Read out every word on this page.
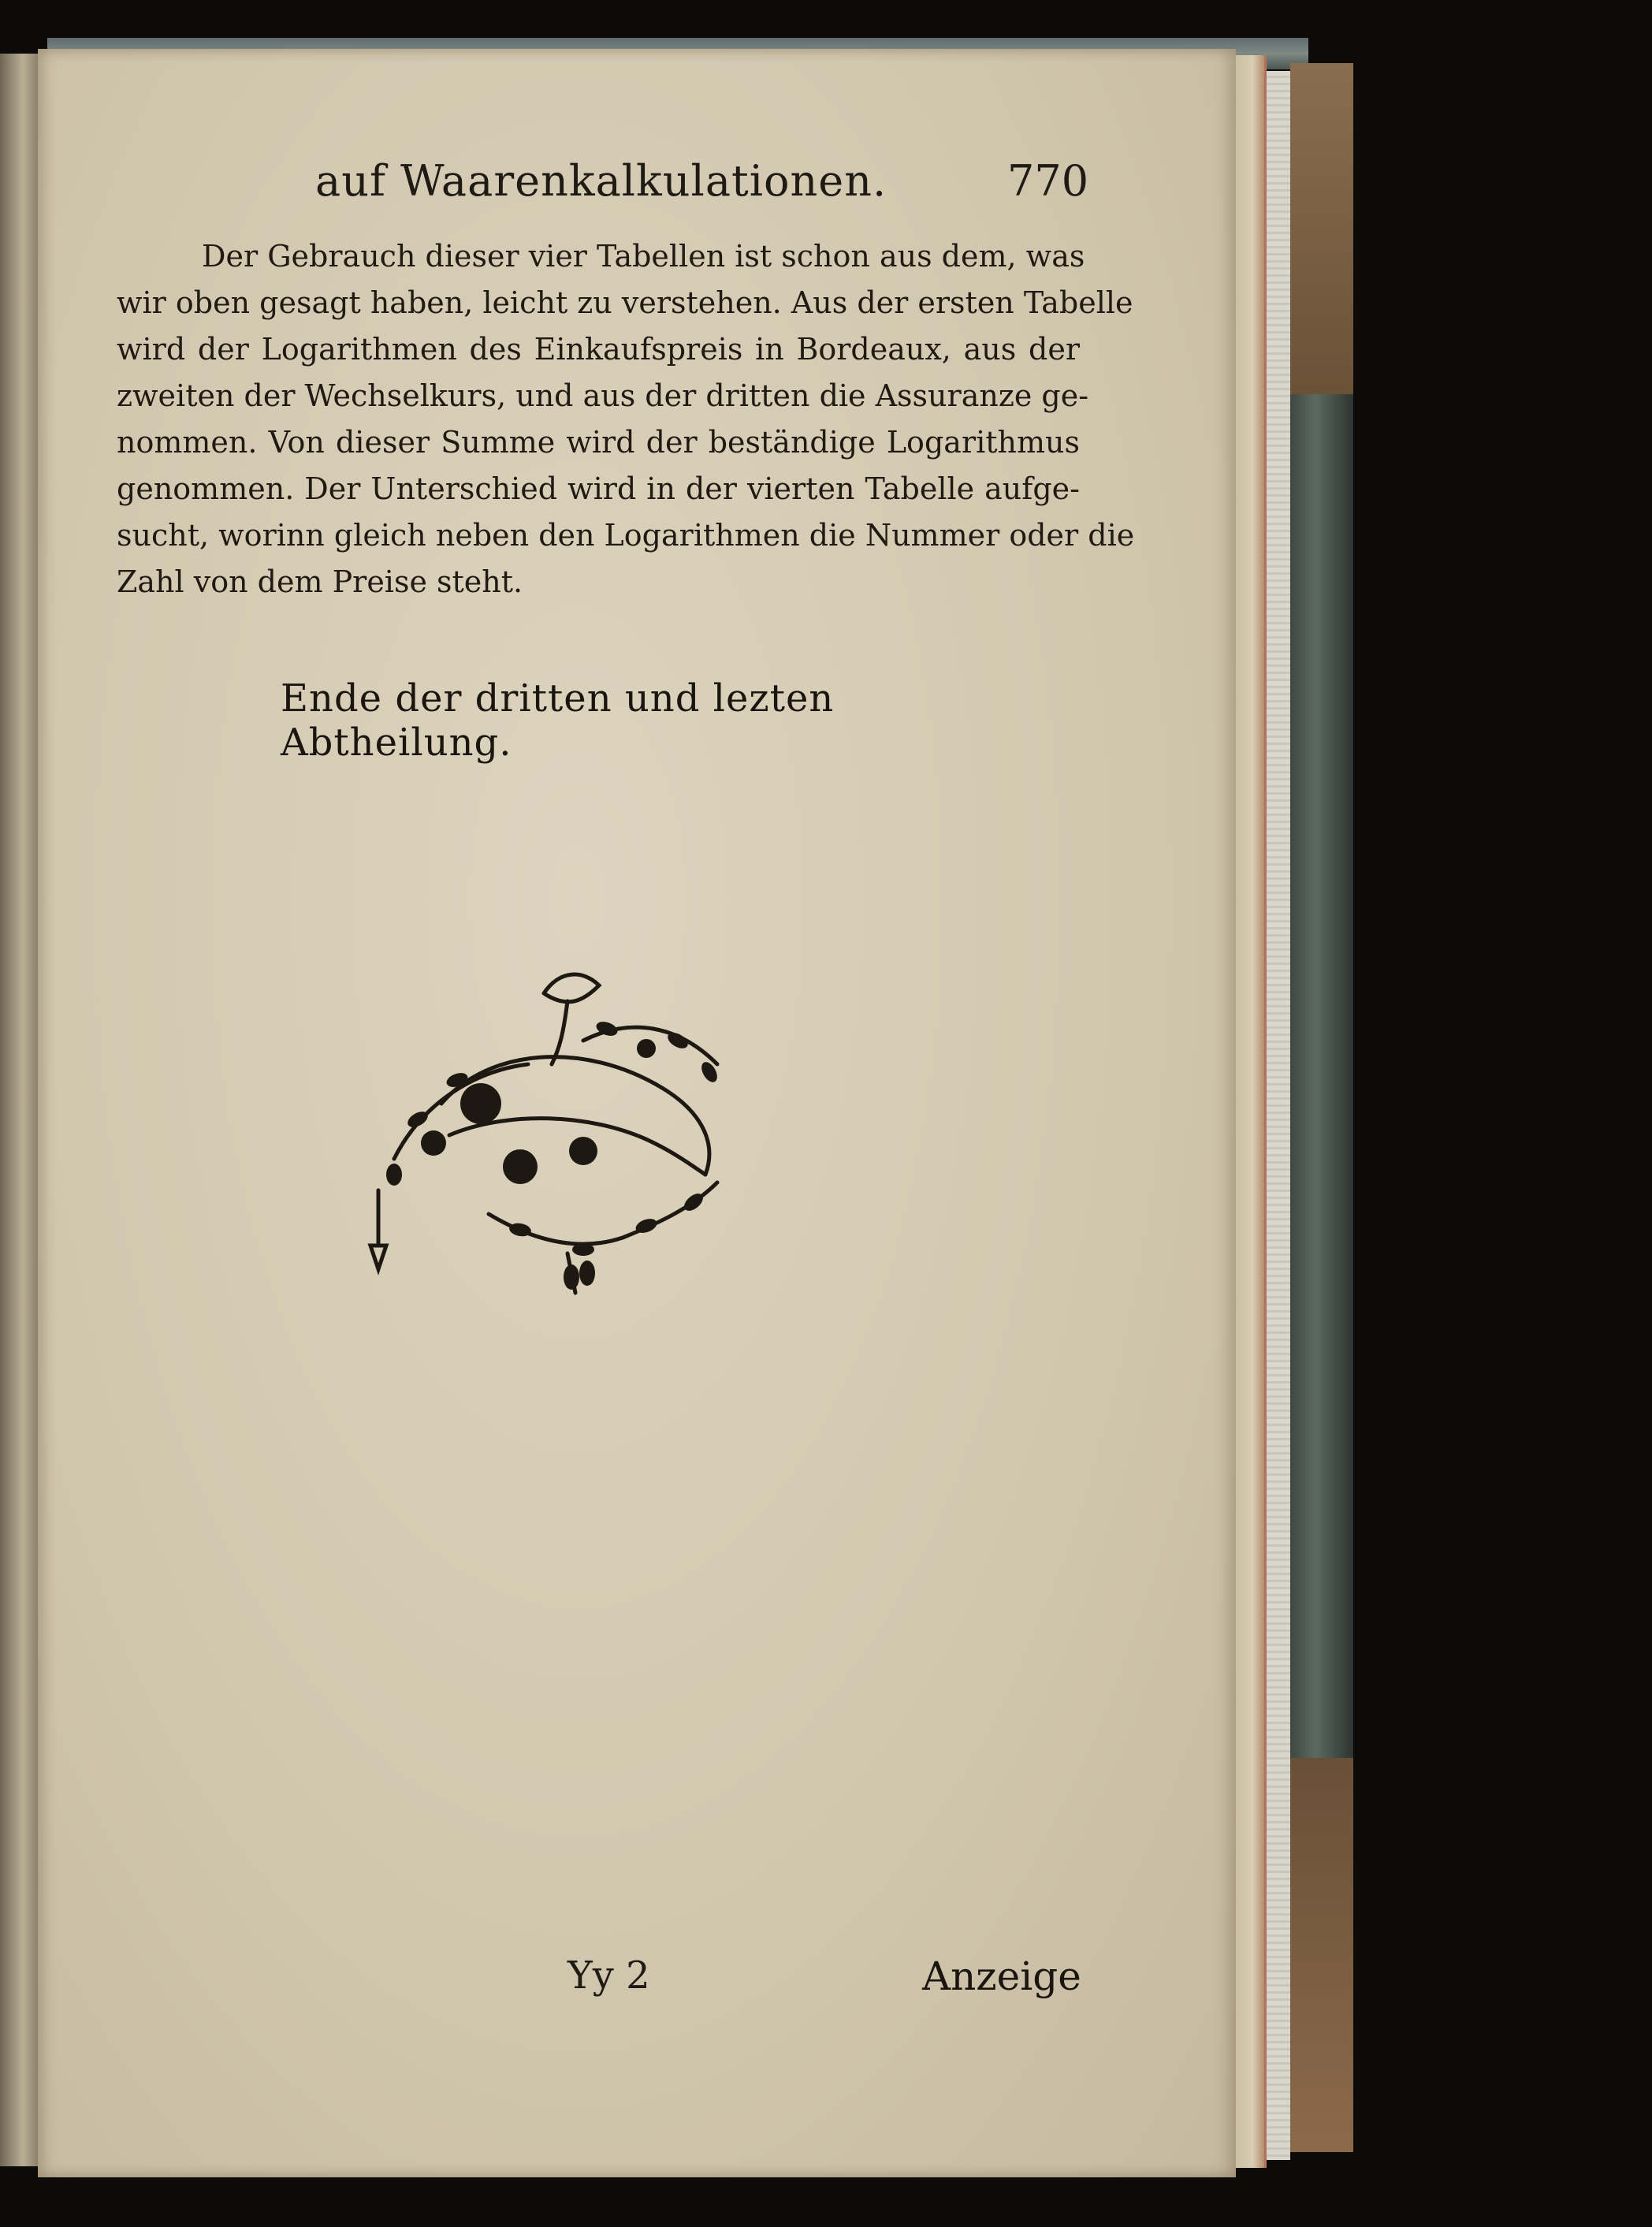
auf Waarenkalkulationen.	770
Der Gebrauch dieser vier Tabellen ist schon aus dem, was
wir oben gesagt haben, leicht zu verstehen. Aus der ersten Tabelle
wird der Logarithmen des Einkaufspreis in Bordeaux, aus der
zweiten der Wechselkurs, und aus der dritten die Assuranze ge-
nommen. Von dieser Summe wird der beständige Logarithmus
genommen. Der Unterschied wird in der vierten Tabelle aufge-
sucht, worinn gleich neben den Logarithmen die Nummer oder die
Zahl von dem Preise steht.
Ende der dritten und lezten Abtheilung.
Yy 2	Anzeige
